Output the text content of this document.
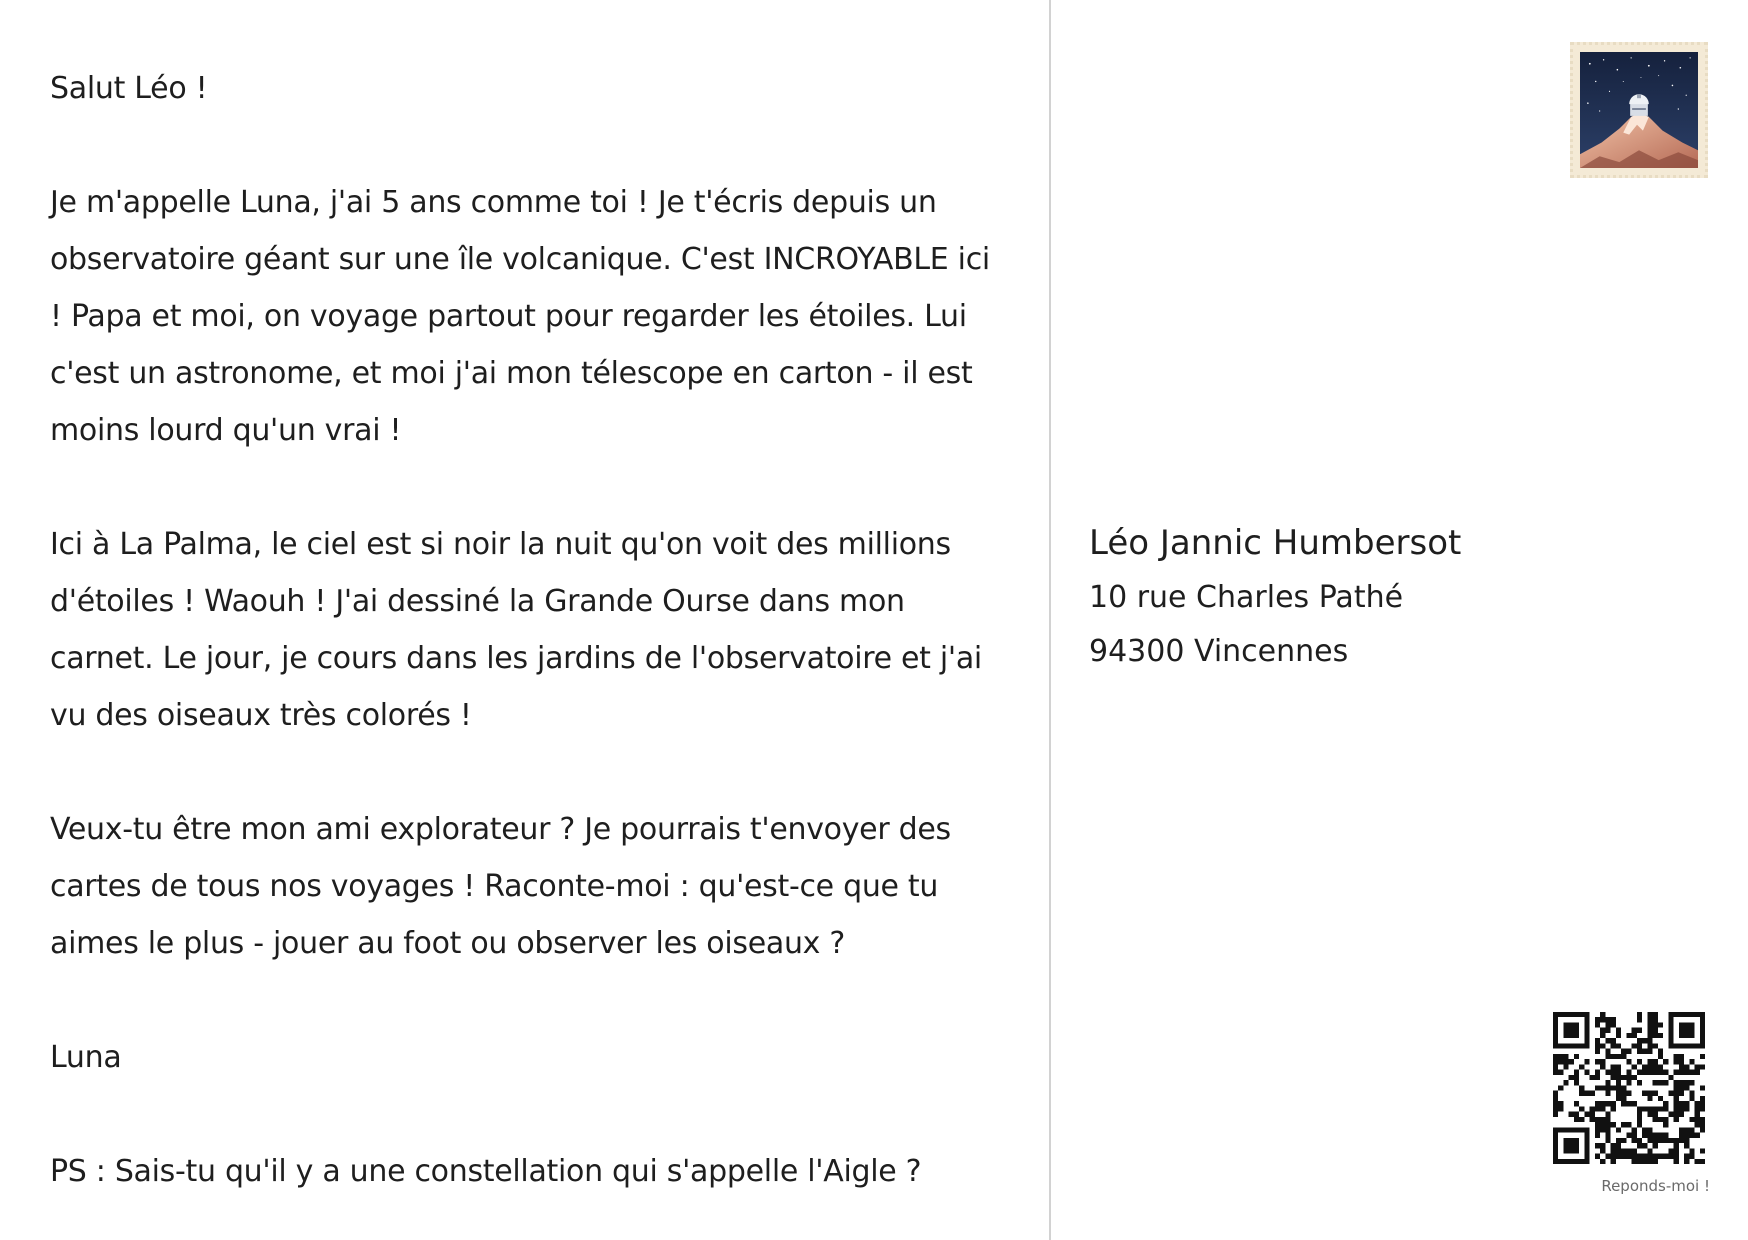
Salut Léo !

Je m'appelle Luna, j'ai 5 ans comme toi ! Je t'écris depuis un observatoire géant sur une île volcanique. C'est INCROYABLE ici ! Papa et moi, on voyage partout pour regarder les étoiles. Lui c'est un astronome, et moi j'ai mon télescope en carton - il est moins lourd qu'un vrai !

Ici à La Palma, le ciel est si noir la nuit qu'on voit des millions d'étoiles ! Waouh ! J'ai dessiné la Grande Ourse dans mon carnet. Le jour, je cours dans les jardins de l'observatoire et j'ai vu des oiseaux très colorés !

Veux-tu être mon ami explorateur ? Je pourrais t'envoyer des cartes de tous nos voyages ! Raconte-moi : qu'est-ce que tu aimes le plus - jouer au foot ou observer les oiseaux ?

Luna

PS : Sais-tu qu'il y a une constellation qui s'appelle l'Aigle ?

Léo Jannic Humbersot
10 rue Charles Pathé
94300 Vincennes
Reponds-moi !
